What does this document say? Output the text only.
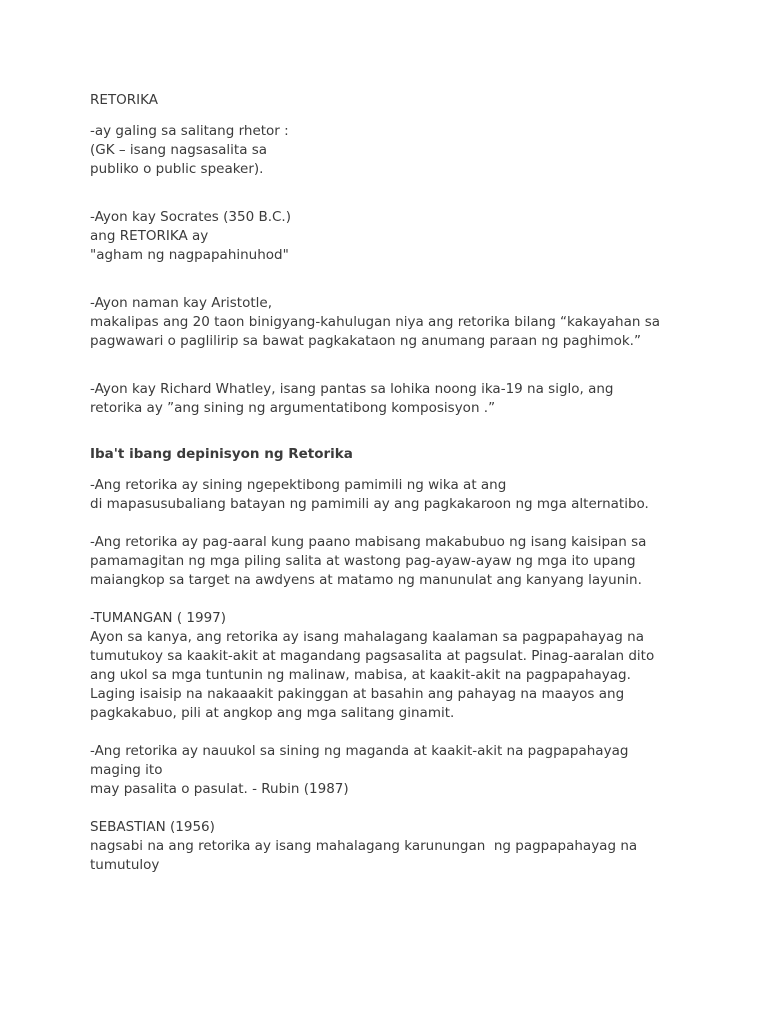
RETORIKA
-ay galing sa salitang rhetor :
(GK – isang nagsasalita sa
publiko o public speaker).
-Ayon kay Socrates (350 B.C.)
ang RETORIKA ay
"agham ng nagpapahinuhod"
-Ayon naman kay Aristotle,
makalipas ang 20 taon binigyang-kahulugan niya ang retorika bilang “kakayahan sa
pagwawari o paglilirip sa bawat pagkakataon ng anumang paraan ng paghimok.”
-Ayon kay Richard Whatley, isang pantas sa lohika noong ika-19 na siglo, ang
retorika ay ”ang sining ng argumentatibong komposisyon .”
Iba't ibang depinisyon ng Retorika
-Ang retorika ay sining ngepektibong pamimili ng wika at ang
di mapasusubaliang batayan ng pamimili ay ang pagkakaroon ng mga alternatibo.
-Ang retorika ay pag-aaral kung paano mabisang makabubuo ng isang kaisipan sa
pamamagitan ng mga piling salita at wastong pag-ayaw-ayaw ng mga ito upang
maiangkop sa target na awdyens at matamo ng manunulat ang kanyang layunin.
-TUMANGAN ( 1997)
Ayon sa kanya, ang retorika ay isang mahalagang kaalaman sa pagpapahayag na
tumutukoy sa kaakit-akit at magandang pagsasalita at pagsulat. Pinag-aaralan dito
ang ukol sa mga tuntunin ng malinaw, mabisa, at kaakit-akit na pagpapahayag.
Laging isaisip na nakaaakit pakinggan at basahin ang pahayag na maayos ang
pagkakabuo, pili at angkop ang mga salitang ginamit.
-Ang retorika ay nauukol sa sining ng maganda at kaakit-akit na pagpapahayag
maging ito
may pasalita o pasulat. - Rubin (1987)
SEBASTIAN (1956)
nagsabi na ang retorika ay isang mahalagang karunungan  ng pagpapahayag na
tumutuloy
